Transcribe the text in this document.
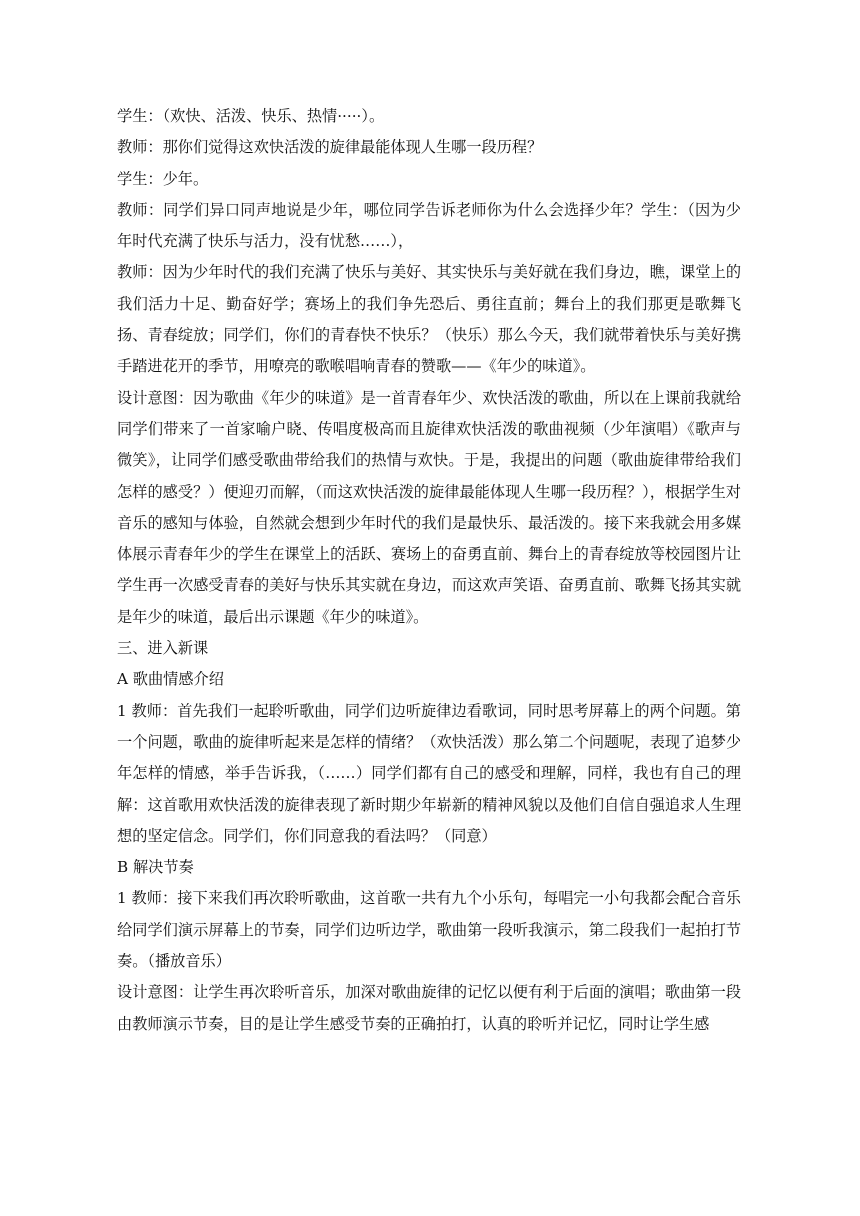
学生：（欢快、活泼、快乐、热情·····）。

教师：那你们觉得这欢快活泼的旋律最能体现人生哪一段历程？

学生：少年。

教师：同学们异口同声地说是少年，哪位同学告诉老师你为什么会选择少年？学生：（因为少年时代充满了快乐与活力，没有忧愁……），

教师：因为少年时代的我们充满了快乐与美好、其实快乐与美好就在我们身边，瞧，课堂上的我们活力十足、勤奋好学；赛场上的我们争先恐后、勇往直前；舞台上的我们那更是歌舞飞扬、青春绽放；同学们，你们的青春快不快乐？（快乐）那么今天，我们就带着快乐与美好携手踏进花开的季节，用嘹亮的歌喉唱响青春的赞歌——《年少的味道》。

设计意图：因为歌曲《年少的味道》是一首青春年少、欢快活泼的歌曲，所以在上课前我就给同学们带来了一首家喻户晓、传唱度极高而且旋律欢快活泼的歌曲视频（少年演唱）《歌声与微笑》，让同学们感受歌曲带给我们的热情与欢快。于是，我提出的问题（歌曲旋律带给我们怎样的感受？）便迎刃而解，（而这欢快活泼的旋律最能体现人生哪一段历程？），根据学生对音乐的感知与体验，自然就会想到少年时代的我们是最快乐、最活泼的。接下来我就会用多媒体展示青春年少的学生在课堂上的活跃、赛场上的奋勇直前、舞台上的青春绽放等校园图片让学生再一次感受青春的美好与快乐其实就在身边，而这欢声笑语、奋勇直前、歌舞飞扬其实就是年少的味道，最后出示课题《年少的味道》。

三、进入新课

A 歌曲情感介绍

1 教师：首先我们一起聆听歌曲，同学们边听旋律边看歌词，同时思考屏幕上的两个问题。第一个问题，歌曲的旋律听起来是怎样的情绪？（欢快活泼）那么第二个问题呢，表现了追梦少年怎样的情感，举手告诉我，（……）同学们都有自己的感受和理解，同样，我也有自己的理解：这首歌用欢快活泼的旋律表现了新时期少年崭新的精神风貌以及他们自信自强追求人生理想的坚定信念。同学们，你们同意我的看法吗？（同意）

B 解决节奏

1 教师：接下来我们再次聆听歌曲，这首歌一共有九个小乐句，每唱完一小句我都会配合音乐给同学们演示屏幕上的节奏，同学们边听边学，歌曲第一段听我演示，第二段我们一起拍打节奏。（播放音乐）

设计意图：让学生再次聆听音乐，加深对歌曲旋律的记忆以便有利于后面的演唱；歌曲第一段由教师演示节奏，目的是让学生感受节奏的正确拍打，认真的聆听并记忆，同时让学生感
